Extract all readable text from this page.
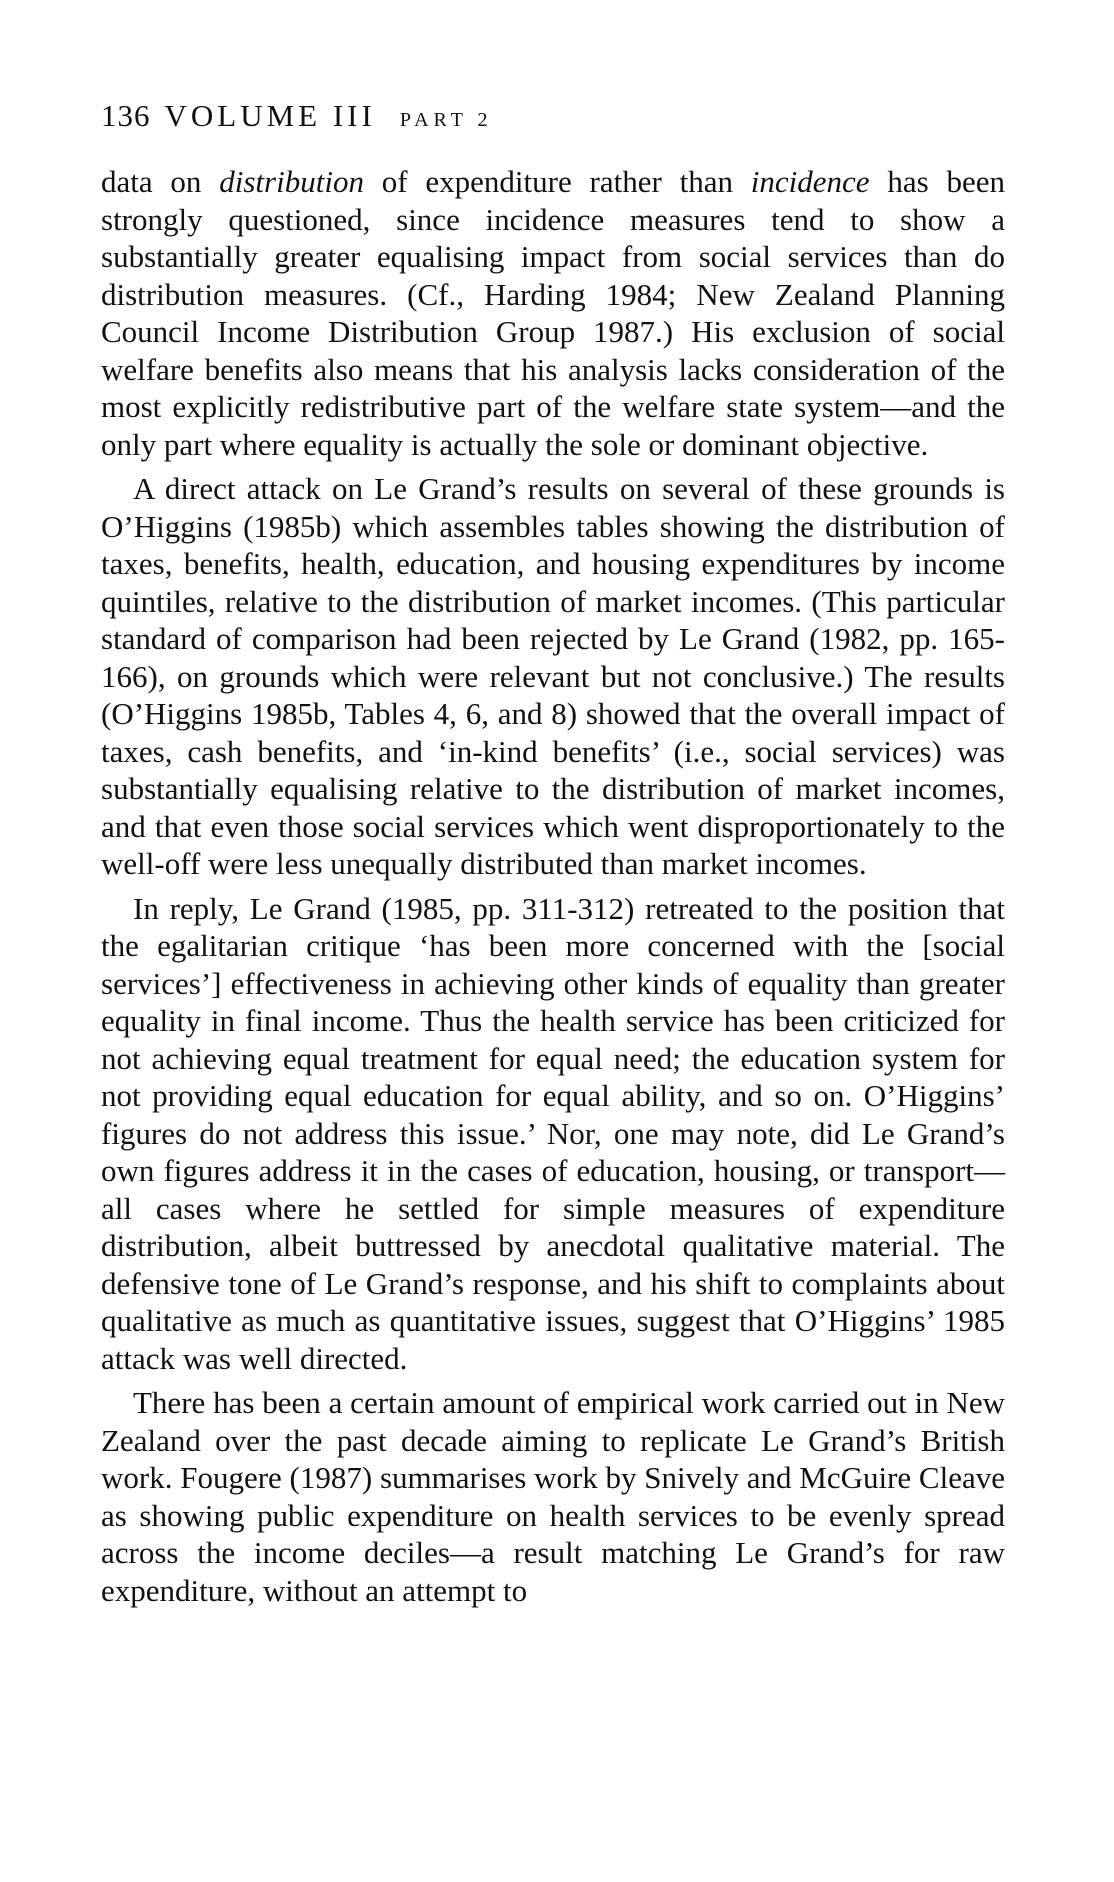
136 VOLUME III PART 2

data on distribution of expenditure rather than incidence has been strongly questioned, since incidence measures tend to show a substantially greater equalising impact from social services than do distribution measures. (Cf., Harding 1984; New Zealand Planning Council Income Distribution Group 1987.) His exclusion of social welfare benefits also means that his analysis lacks consideration of the most explicitly redistributive part of the welfare state system—and the only part where equality is actually the sole or dominant objective.

A direct attack on Le Grand’s results on several of these grounds is O’Higgins (1985b) which assembles tables showing the distribution of taxes, benefits, health, education, and housing expenditures by income quintiles, relative to the distribution of market incomes. (This particular standard of comparison had been rejected by Le Grand (1982, pp. 165-166), on grounds which were relevant but not conclusive.) The results (O’Higgins 1985b, Tables 4, 6, and 8) showed that the overall impact of taxes, cash benefits, and ‘in-kind benefits’ (i.e., social services) was substantially equalising relative to the distribution of market incomes, and that even those social services which went disproportionately to the well-off were less unequally distributed than market incomes.

In reply, Le Grand (1985, pp. 311-312) retreated to the position that the egalitarian critique ‘has been more concerned with the [social services’] effectiveness in achieving other kinds of equality than greater equality in final income. Thus the health service has been criticized for not achieving equal treatment for equal need; the education system for not providing equal education for equal ability, and so on. O’Higgins’ figures do not address this issue.’ Nor, one may note, did Le Grand’s own figures address it in the cases of education, housing, or transport—all cases where he settled for simple measures of expenditure distribution, albeit buttressed by anecdotal qualitative material. The defensive tone of Le Grand’s response, and his shift to complaints about qualitative as much as quantitative issues, suggest that O’Higgins’ 1985 attack was well directed.

There has been a certain amount of empirical work carried out in New Zealand over the past decade aiming to replicate Le Grand’s British work. Fougere (1987) summarises work by Snively and McGuire Cleave as showing public expenditure on health services to be evenly spread across the income deciles—a result matching Le Grand’s for raw expenditure, without an attempt to
